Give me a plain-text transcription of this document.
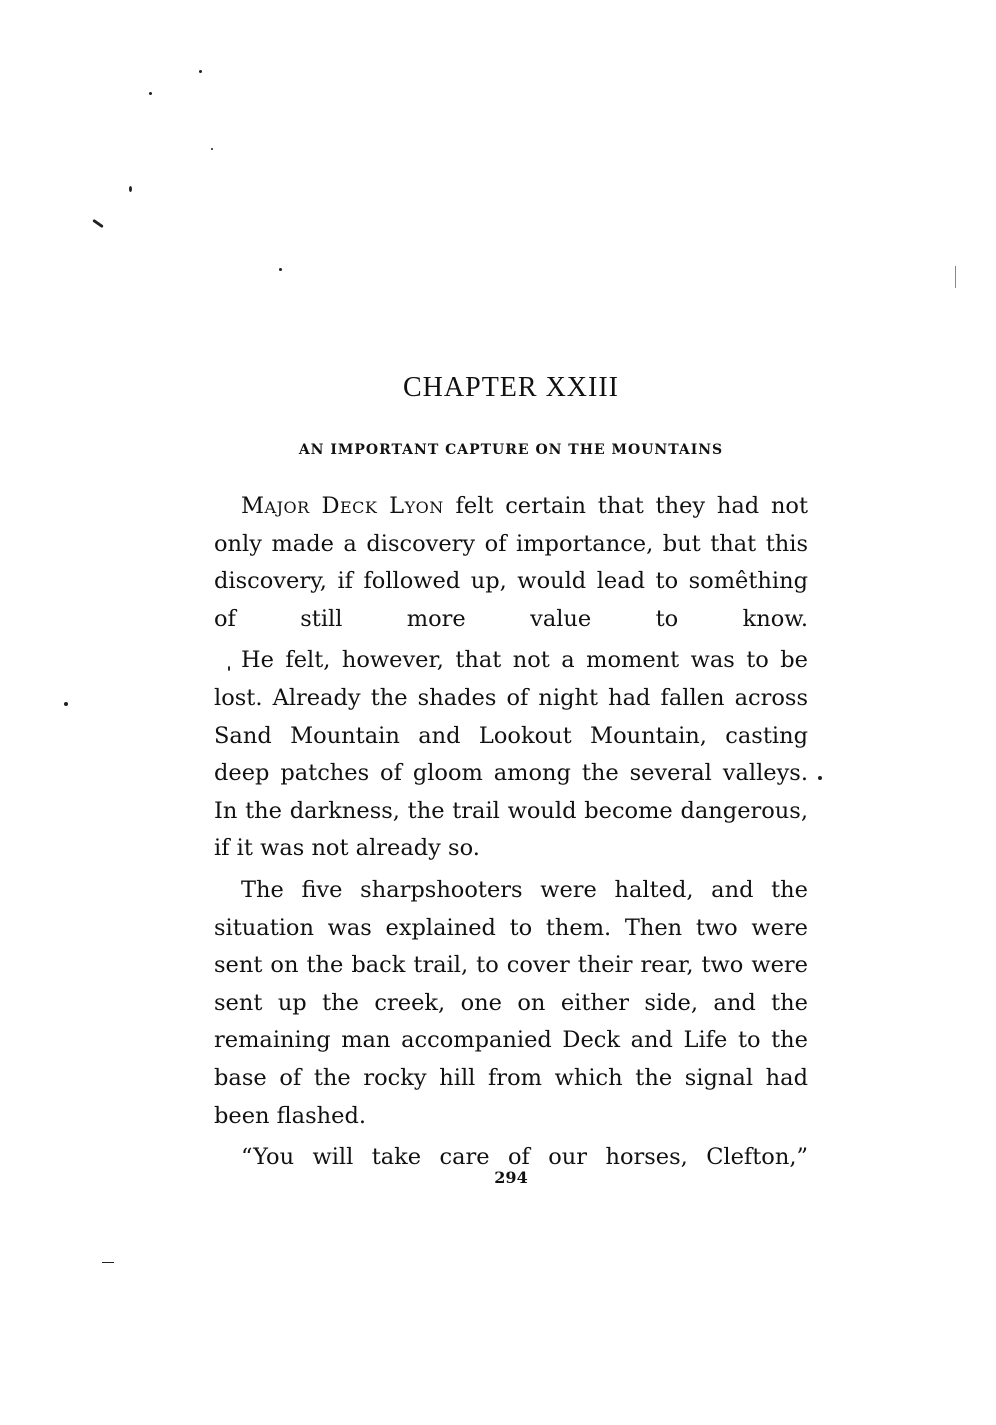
CHAPTER XXIII
AN IMPORTANT CAPTURE ON THE MOUNTAINS

Major Deck Lyon felt certain that they had not only made a discovery of importance, but that this discovery, if followed up, would lead to somêthing of still more value to know.

He felt, however, that not a moment was to be lost. Already the shades of night had fallen across Sand Mountain and Lookout Mountain, casting deep patches of gloom among the several valleys. In the darkness, the trail would become dangerous, if it was not already so.

The five sharpshooters were halted, and the situation was explained to them. Then two were sent on the back trail, to cover their rear, two were sent up the creek, one on either side, and the remaining man accompanied Deck and Life to the base of the rocky hill from which the signal had been flashed.

“You will take care of our horses, Clefton,”

294
